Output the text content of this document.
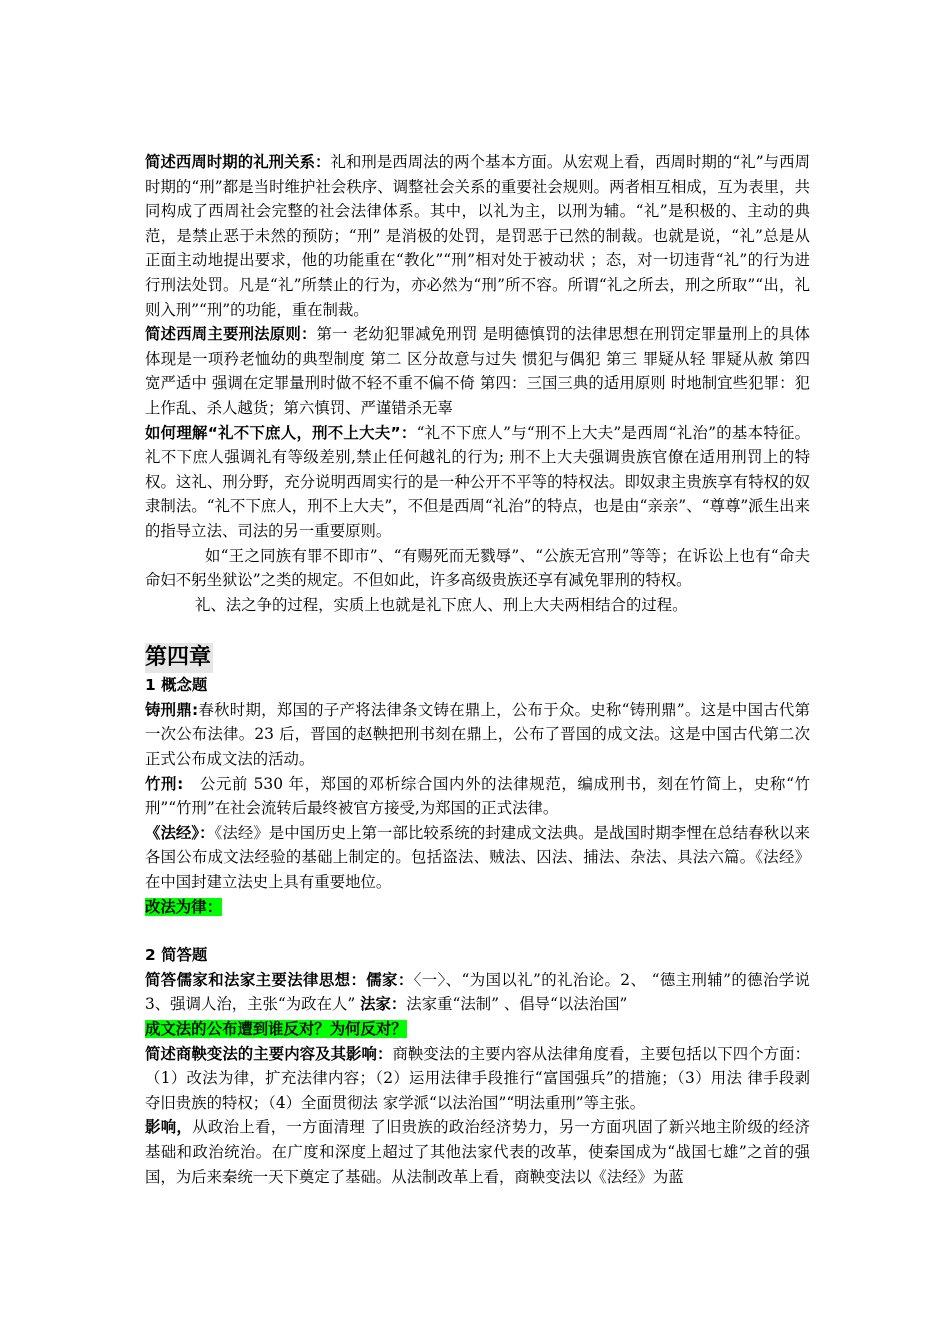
简述西周时期的礼刑关系：礼和刑是西周法的两个基本方面。从宏观上看，西周时期的“礼”与西周时期的“刑”都是当时维护社会秩序、调整社会关系的重要社会规则。两者相互相成，互为表里，共同构成了西周社会完整的社会法律体系。其中，以礼为主，以刑为辅。“礼”是积极的、主动的典范，是禁止恶于未然的预防；“刑” 是消极的处罚，是罚恶于已然的制裁。也就是说，“礼”总是从正面主动地提出要求，他的功能重在“教化”“刑”相对处于被动状 ；态，对一切违背“礼”的行为进行刑法处罚。凡是“礼”所禁止的行为，亦必然为“刑”所不容。所谓“礼之所去，刑之所取”“出，礼则入刑”“刑”的功能，重在制裁。

简述西周主要刑法原则：第一 老幼犯罪减免刑罚 是明德慎罚的法律思想在刑罚定罪量刑上的具体体现是一项矜老恤幼的典型制度 第二 区分故意与过失 惯犯与偶犯 第三 罪疑从轻 罪疑从赦 第四 宽严适中 强调在定罪量刑时做不轻不重不偏不倚 第四：三国三典的适用原则 时地制宜些犯罪：犯上作乱、杀人越货；第六慎罚、严谨错杀无辜

如何理解“礼不下庶人，刑不上大夫”：“礼不下庶人”与“刑不上大夫”是西周“礼治”的基本特征。礼不下庶人强调礼有等级差别,禁止任何越礼的行为; 刑不上大夫强调贵族官僚在适用刑罚上的特权。这礼、刑分野，充分说明西周实行的是一种公开不平等的特权法。即奴隶主贵族享有特权的奴隶制法。“礼不下庶人，刑不上大夫”，不但是西周“礼治”的特点，也是由“亲亲”、“尊尊”派生出来的指导立法、司法的另一重要原则。

如“王之同族有罪不即市”、“有赐死而无戮辱”、“公族无宫刑”等等；在诉讼上也有“命夫命妇不躬坐狱讼”之类的规定。不但如此，许多高级贵族还享有减免罪刑的特权。

礼、法之争的过程，实质上也就是礼下庶人、刑上大夫两相结合的过程。

第四章

1 概念题

铸刑鼎:春秋时期，郑国的子产将法律条文铸在鼎上，公布于众。史称“铸刑鼎”。这是中国古代第一次公布法律。23 后，晋国的赵鞅把刑书刻在鼎上，公布了晋国的成文法。这是中国古代第二次正式公布成文法的活动。

竹刑: 公元前 530 年，郑国的邓析综合国内外的法律规范，编成刑书，刻在竹简上，史称“竹 刑”“竹刑”在社会流转后最终被官方接受,为郑国的正式法律。

《法经》：《法经》是中国历史上第一部比较系统的封建成文法典。是战国时期李悝在总结春秋以来各国公布成文法经验的基础上制定的。包括盗法、贼法、囚法、捕法、杂法、具法六篇。《法经》在中国封建立法史上具有重要地位。

改法为律：

2 简答题

简答儒家和法家主要法律思想：儒家：〈一〉、“为国以礼”的礼治论。2、 “德主刑辅”的德治学说 3、强调人治，主张“为政在人” 法家：法家重“法制” 、倡导“以法治国”

成文法的公布遭到谁反对？为何反对？

简述商鞅变法的主要内容及其影响：商鞅变法的主要内容从法律角度看，主要包括以下四个方面：（1）改法为律，扩充法律内容；（2）运用法律手段推行“富国强兵”的措施；（3）用法 律手段剥夺旧贵族的特权；（4）全面贯彻法 家学派“以法治国”“明法重刑”等主张。

影响，从政治上看，一方面清理 了旧贵族的政治经济势力，另一方面巩固了新兴地主阶级的经济基础和政治统治。在广度和深度上超过了其他法家代表的改革，使秦国成为“战国七雄”之首的强国，为后来秦统一天下奠定了基础。从法制改革上看，商鞅变法以《法经》为蓝
